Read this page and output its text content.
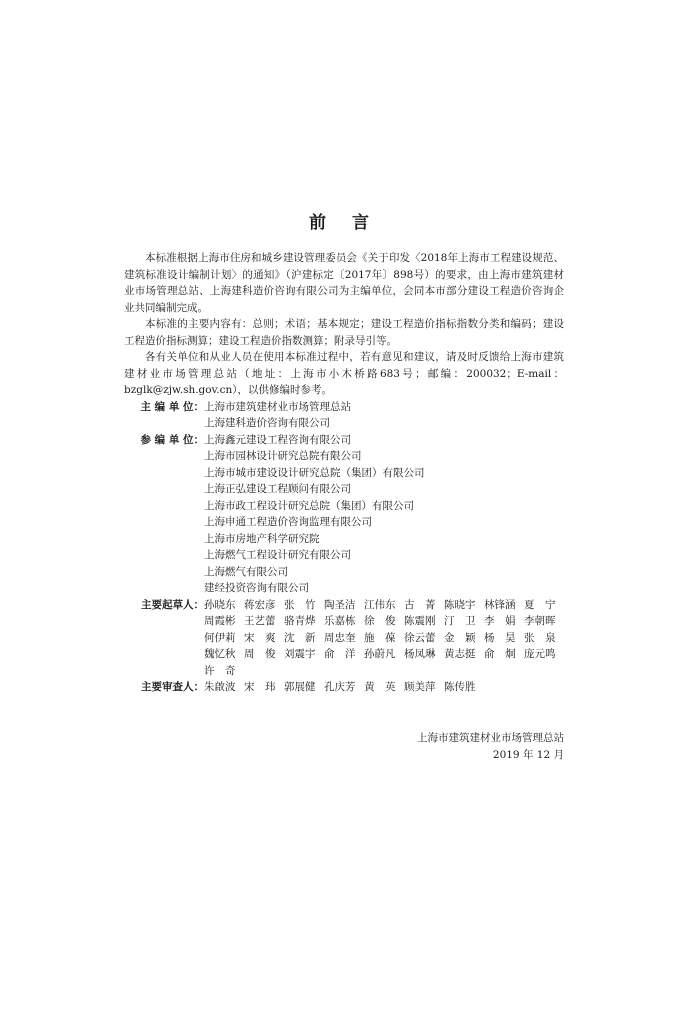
前 言

本标准根据上海市住房和城乡建设管理委员会《关于印发〈2018年上海市工程建设规范、建筑标准设计编制计划〉的通知》（沪建标定〔2017年〕898号）的要求，由上海市建筑建材业市场管理总站、上海建科造价咨询有限公司为主编单位，会同本市部分建设工程造价咨询企业共同编制完成。

本标准的主要内容有：总则；术语；基本规定；建设工程造价指标指数分类和编码；建设工程造价指标测算；建设工程造价指数测算；附录导引等。

各有关单位和从业人员在使用本标准过程中，若有意见和建议，请及时反馈给上海市建筑建材业市场管理总站（地址：上海市小木桥路683号；邮编：200032；E-mail：bzglk@zjw.sh.gov.cn），以供修编时参考。

主 编 单 位： 上海市建筑建材业市场管理总站
上海建科造价咨询有限公司
参 编 单 位： 上海鑫元建设工程咨询有限公司
上海市园林设计研究总院有限公司
上海市城市建设设计研究总院（集团）有限公司
上海正弘建设工程顾问有限公司
上海市政工程设计研究总院（集团）有限公司
上海申通工程造价咨询监理有限公司
上海市房地产科学研究院
上海燃气工程设计研究有限公司
上海燃气有限公司
建经投资咨询有限公司
主要起草人： 孙晓东 蒋宏彦 张　竹 陶圣洁 江伟东 古　菁 陈晓宇 林锋涵 夏　宁
周霞彬 王艺蕾 骆青烨 乐嘉栋 徐　俊 陈震刚 汀　卫 李　娟 李朝晖
何伊莉 宋　爽 沈　新 周忠奎 施　葆 徐云蕾 金　颖 杨　昊 张　泉
魏忆秋 周　俊 刘震宇 俞　洋 孙蔚凡 杨凤琳 黄志挺 俞　炯 庞元鸣
许　奇
主要审查人： 朱啟波 宋　玮 郭展健 孔庆芳 黄　英 顾美萍 陈传胜
上海市建筑建材业市场管理总站
2019 年 12 月
